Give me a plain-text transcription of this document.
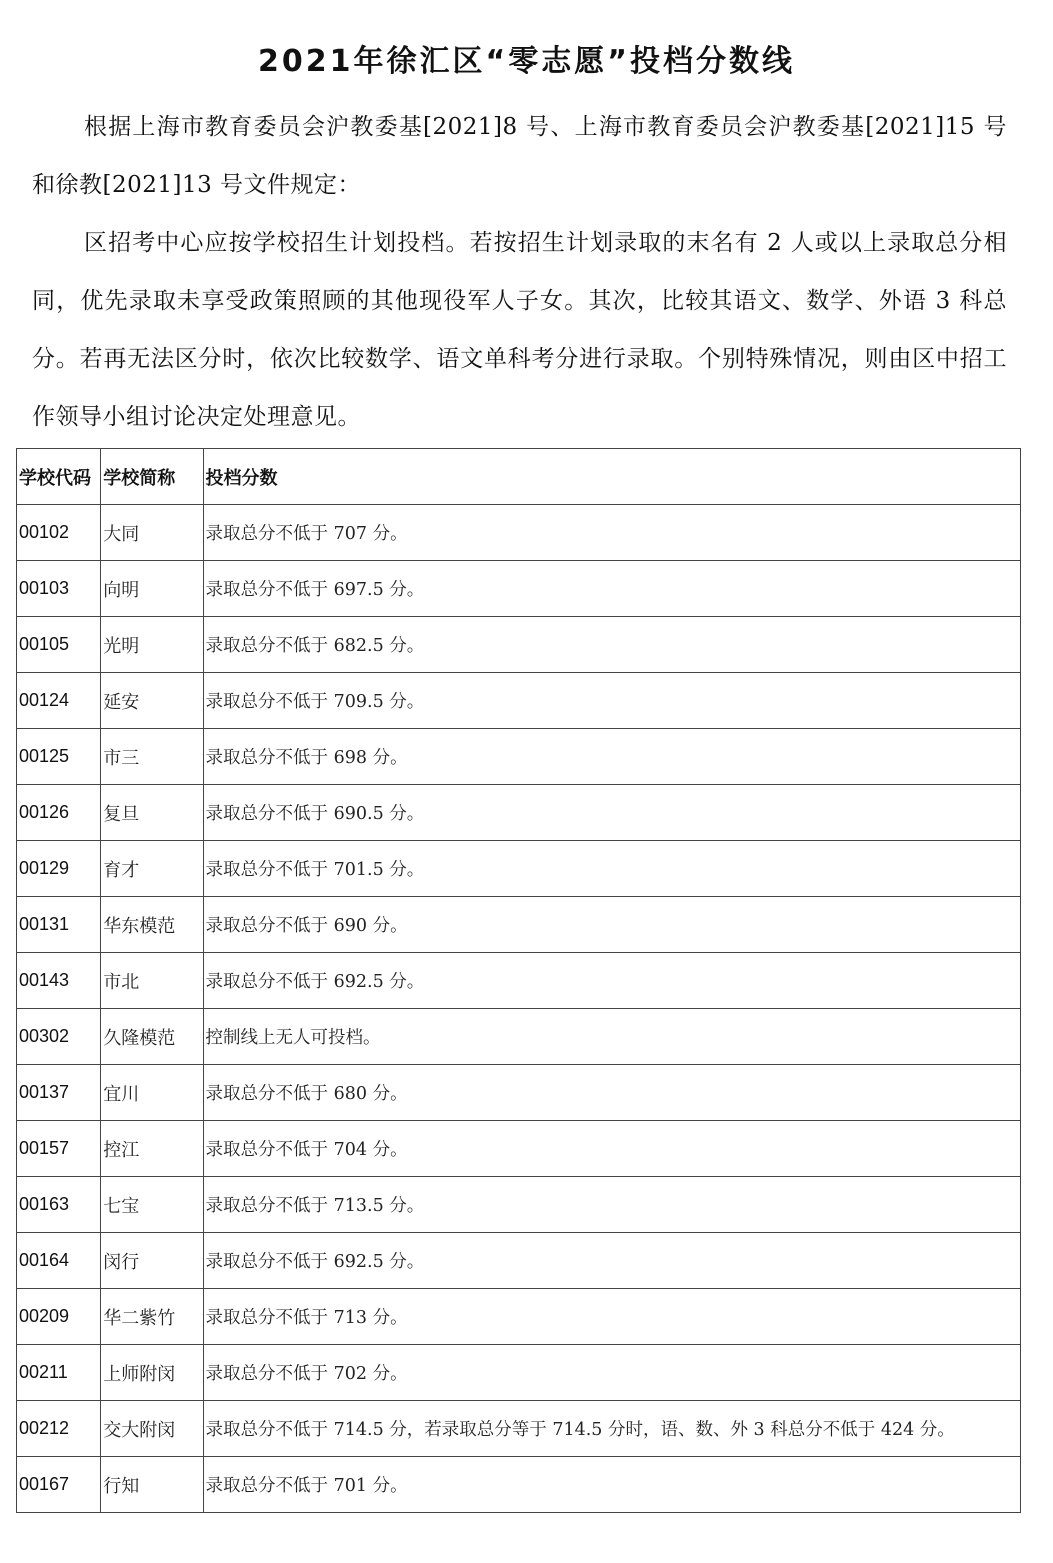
2021年徐汇区“零志愿”投档分数线

根据上海市教育委员会沪教委基[2021]8 号、上海市教育委员会沪教委基[2021]15 号和徐教[2021]13 号文件规定：

区招考中心应按学校招生计划投档。若按招生计划录取的末名有 2 人或以上录取总分相同，优先录取未享受政策照顾的其他现役军人子女。其次，比较其语文、数学、外语 3 科总分。若再无法区分时，依次比较数学、语文单科考分进行录取。个别特殊情况，则由区中招工作领导小组讨论决定处理意见。

学校代码	学校简称	投档分数
00102	大同	录取总分不低于 707 分。
00103	向明	录取总分不低于 697.5 分。
00105	光明	录取总分不低于 682.5 分。
00124	延安	录取总分不低于 709.5 分。
00125	市三	录取总分不低于 698 分。
00126	复旦	录取总分不低于 690.5 分。
00129	育才	录取总分不低于 701.5 分。
00131	华东模范	录取总分不低于 690 分。
00143	市北	录取总分不低于 692.5 分。
00302	久隆模范	控制线上无人可投档。
00137	宜川	录取总分不低于 680 分。
00157	控江	录取总分不低于 704 分。
00163	七宝	录取总分不低于 713.5 分。
00164	闵行	录取总分不低于 692.5 分。
00209	华二紫竹	录取总分不低于 713 分。
00211	上师附闵	录取总分不低于 702 分。
00212	交大附闵	录取总分不低于 714.5 分，若录取总分等于 714.5 分时，语、数、外 3 科总分不低于 424 分。
00167	行知	录取总分不低于 701 分。
